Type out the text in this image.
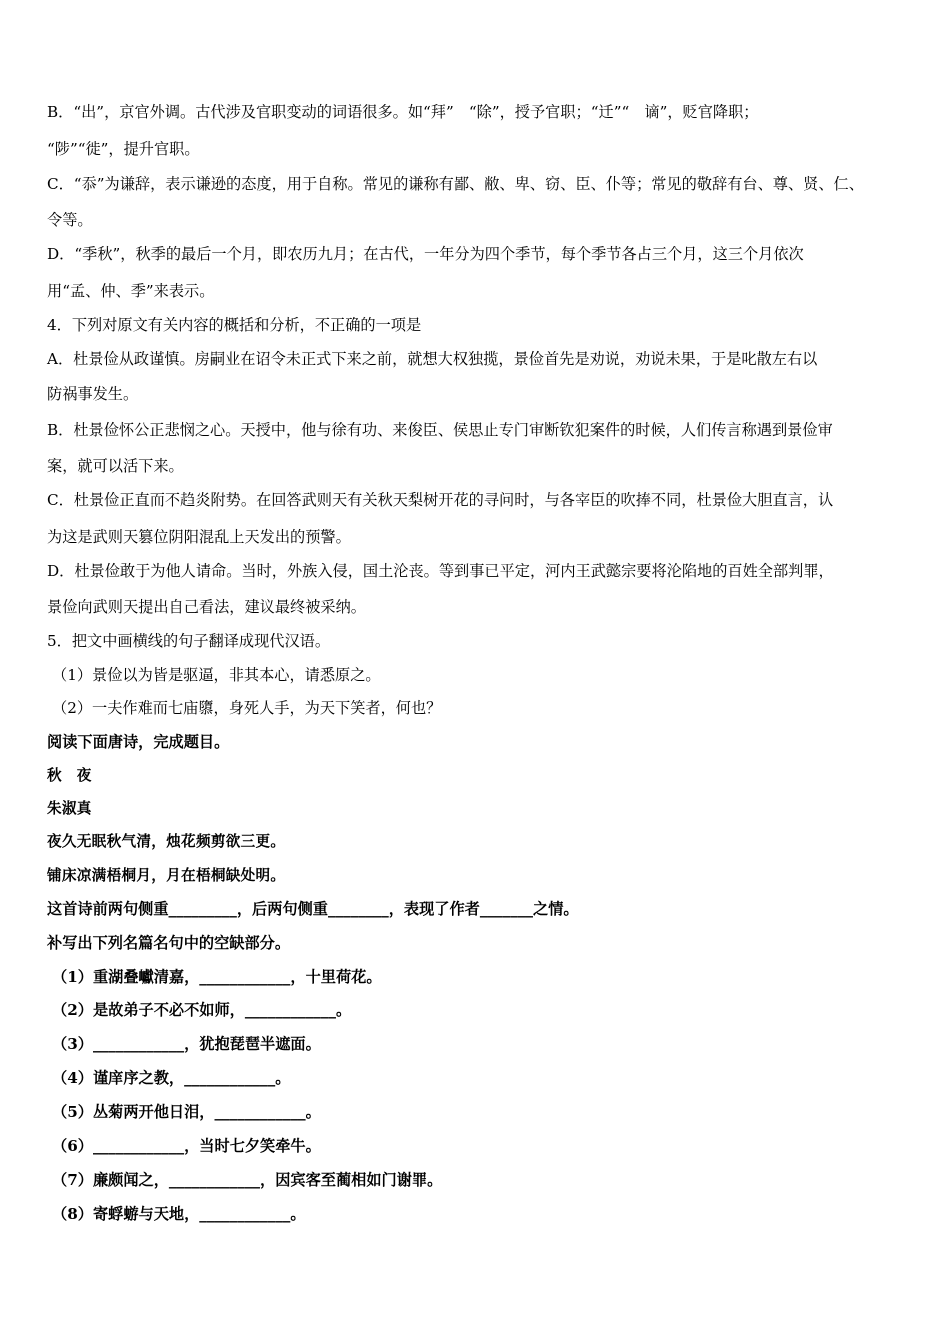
B．“出”，京官外调。古代涉及官职变动的词语很多。如“拜”　“除”，授予官职；“迁”“　谪”，贬官降职；
“陟”“徙”，提升官职。
C．“忝”为谦辞，表示谦逊的态度，用于自称。常见的谦称有鄙、敝、卑、窃、臣、仆等；常见的敬辞有台、尊、贤、仁、
令等。
D．“季秋”，秋季的最后一个月，即农历九月；在古代，一年分为四个季节，每个季节各占三个月，这三个月依次
用“孟、仲、季”来表示。
4．下列对原文有关内容的概括和分析，不正确的一项是
A．杜景俭从政谨慎。房嗣业在诏令未正式下来之前，就想大权独揽，景俭首先是劝说，劝说未果，于是叱散左右以
防祸事发生。
B．杜景俭怀公正悲悯之心。天授中，他与徐有功、来俊臣、侯思止专门审断钦犯案件的时候，人们传言称遇到景俭审
案，就可以活下来。
C．杜景俭正直而不趋炎附势。在回答武则天有关秋天梨树开花的寻问时，与各宰臣的吹捧不同，杜景俭大胆直言，认
为这是武则天篡位阴阳混乱上天发出的预警。
D．杜景俭敢于为他人请命。当时，外族入侵，国土沦丧。等到事已平定，河内王武懿宗要将沦陷地的百姓全部判罪，
景俭向武则天提出自己看法，建议最终被采纳。
5．把文中画横线的句子翻译成现代汉语。
（1）景俭以为皆是驱逼，非其本心，请悉原之。
（2）一夫作难而七庙隳，身死人手，为天下笑者，何也？
阅读下面唐诗，完成题目。
秋　夜
朱淑真
夜久无眠秋气清，烛花频剪欲三更。
铺床凉满梧桐月，月在梧桐缺处明。
这首诗前两句侧重_________，后两句侧重________，表现了作者_______之情。
补写出下列名篇名句中的空缺部分。
（1）重湖叠巘清嘉，____________，十里荷花。
（2）是故弟子不必不如师，____________。
（3）____________，犹抱琵琶半遮面。
（4）谨庠序之教，____________。
（5）丛菊两开他日泪，____________。
（6）____________，当时七夕笑牵牛。
（7）廉颇闻之，____________，因宾客至蔺相如门谢罪。
（8）寄蜉蝣与天地，____________。
